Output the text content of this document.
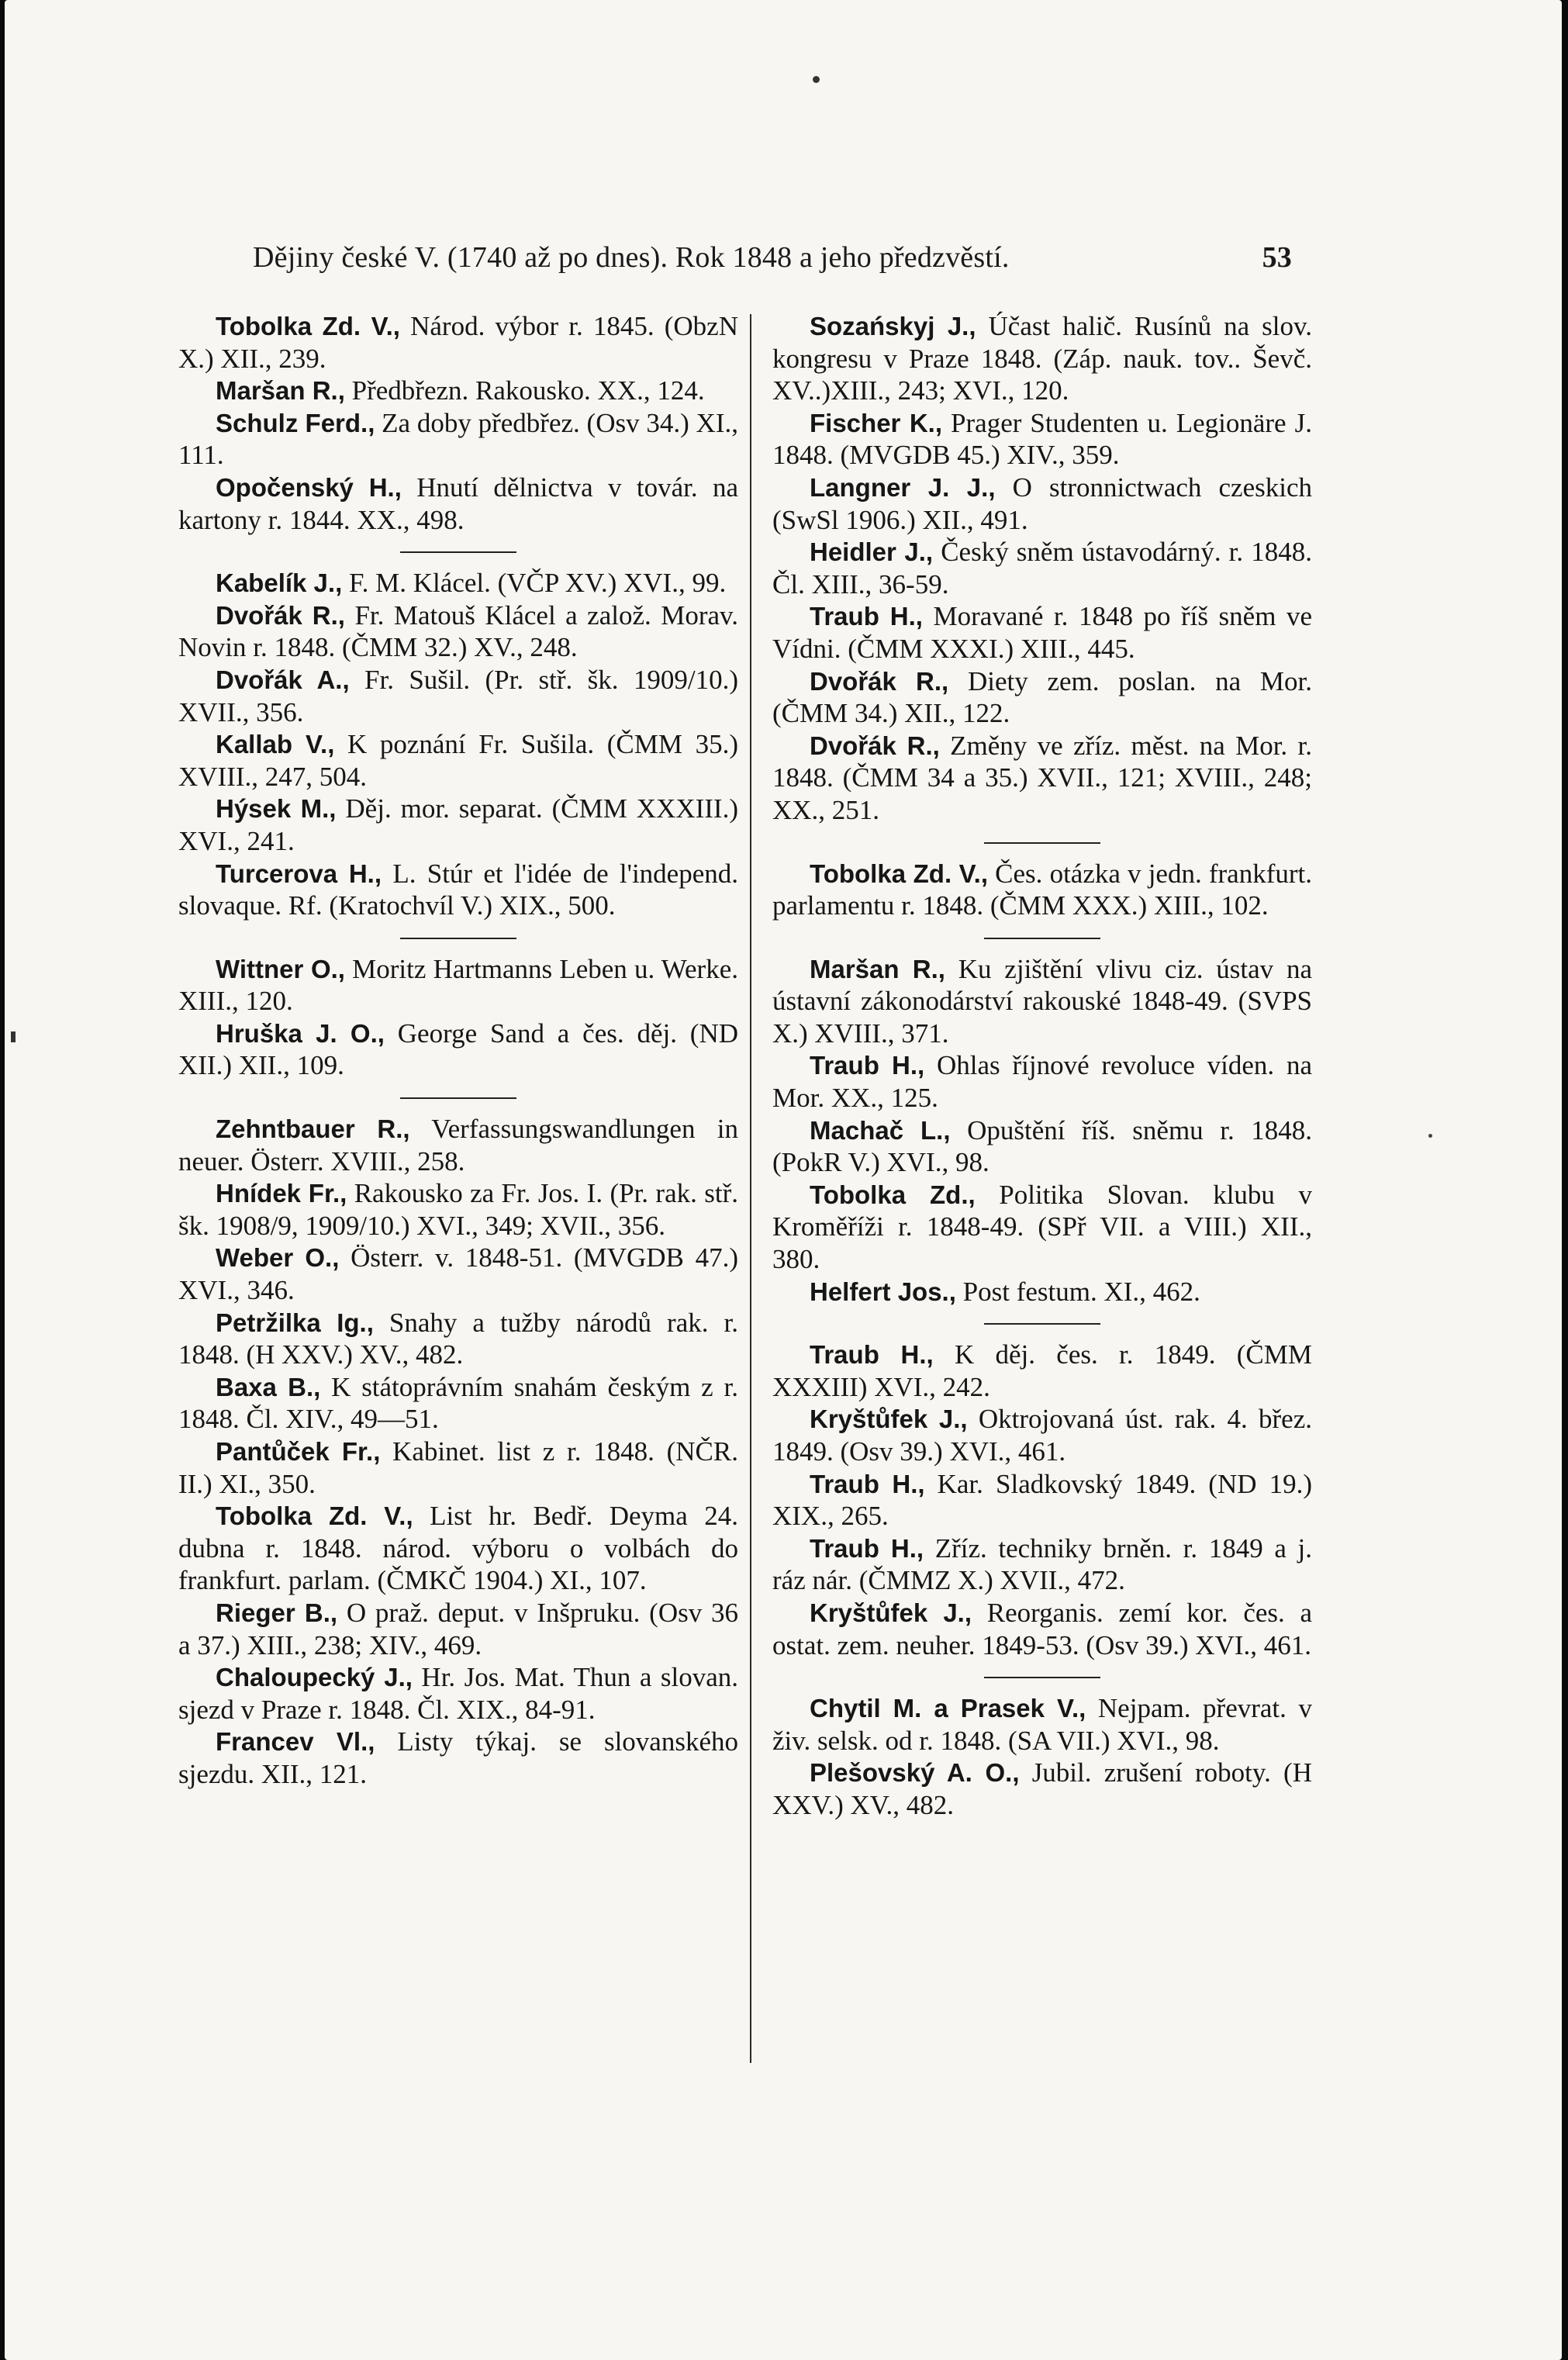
Dějiny české V. (1740 až po dnes). Rok 1848 a jeho předzvěstí.	53

Tobolka Zd. V., Národ. výbor r. 1845. (ObzN X.) XII., 239.

Maršan R., Předbřezn. Rakousko. XX., 124.

Schulz Ferd., Za doby předbřez. (Osv 34.) XI., 111.

Opočenský H., Hnutí dělnictva v továr. na kartony r. 1844. XX., 498.

Kabelík J., F. M. Klácel. (VČP XV.) XVI., 99.

Dvořák R., Fr. Matouš Klácel a založ. Morav. Novin r. 1848. (ČMM 32.) XV., 248.

Dvořák A., Fr. Sušil. (Pr. stř. šk. 1909/10.) XVII., 356.

Kallab V., K poznání Fr. Sušila. (ČMM 35.) XVIII., 247, 504.

Hýsek M., Děj. mor. separat. (ČMM XXXIII.) XVI., 241.

Turcerova H., L. Stúr et l'idée de l'independ. slovaque. Rf. (Kratochvíl V.) XIX., 500.

Wittner O., Moritz Hartmanns Leben u. Werke. XIII., 120.

Hruška J. O., George Sand a čes. děj. (ND XII.) XII., 109.

Zehntbauer R., Verfassungswandlungen in neuer. Österr. XVIII., 258.

Hnídek Fr., Rakousko za Fr. Jos. I. (Pr. rak. stř. šk. 1908/9, 1909/10.) XVI., 349; XVII., 356.

Weber O., Österr. v. 1848-51. (MVGDB 47.) XVI., 346.

Petržilka Ig., Snahy a tužby národů rak. r. 1848. (H XXV.) XV., 482.

Baxa B., K státoprávním snahám českým z r. 1848. Čl. XIV., 49—51.

Pantůček Fr., Kabinet. list z r. 1848. (NČR. II.) XI., 350.

Tobolka Zd. V., List hr. Bedř. Deyma 24. dubna r. 1848. národ. výboru o volbách do frankfurt. parlam. (ČMKČ 1904.) XI., 107.

Rieger B., O praž. deput. v Inšpruku. (Osv 36 a 37.) XIII., 238; XIV., 469.

Chaloupecký J., Hr. Jos. Mat. Thun a slovan. sjezd v Praze r. 1848. Čl. XIX., 84-91.

Francev Vl., Listy týkaj. se slovanského sjezdu. XII., 121.

Sozańskyj J., Účast halič. Rusínů na slov. kongresu v Praze 1848. (Záp. nauk. tov.. Ševč. XV..)XIII., 243; XVI., 120.

Fischer K., Prager Studenten u. Legionäre J. 1848. (MVGDB 45.) XIV., 359.

Langner J. J., O stronnictwach czeskich (SwSl 1906.) XII., 491.

Heidler J., Český sněm ústavodárný. r. 1848. Čl. XIII., 36-59.

Traub H., Moravané r. 1848 po říš sněm ve Vídni. (ČMM XXXI.) XIII., 445.

Dvořák R., Diety zem. poslan. na Mor. (ČMM 34.) XII., 122.

Dvořák R., Změny ve zříz. měst. na Mor. r. 1848. (ČMM 34 a 35.) XVII., 121; XVIII., 248; XX., 251.

Tobolka Zd. V., Čes. otázka v jedn. frankfurt. parlamentu r. 1848. (ČMM XXX.) XIII., 102.

Maršan R., Ku zjištění vlivu ciz. ústav na ústavní zákonodárství rakouské 1848-49. (SVPS X.) XVIII., 371.

Traub H., Ohlas říjnové revoluce víden. na Mor. XX., 125.

Machač L., Opuštění říš. sněmu r. 1848. (PokR V.) XVI., 98.

Tobolka Zd., Politika Slovan. klubu v Kroměříži r. 1848-49. (SPř VII. a VIII.) XII., 380.

Helfert Jos., Post festum. XI., 462.

Traub H., K děj. čes. r. 1849. (ČMM XXXIII) XVI., 242.

Kryštůfek J., Oktrojovaná úst. rak. 4. břez. 1849. (Osv 39.) XVI., 461.

Traub H., Kar. Sladkovský 1849. (ND 19.) XIX., 265.

Traub H., Zříz. techniky brněn. r. 1849 a j. ráz nár. (ČMMZ X.) XVII., 472.

Kryštůfek J., Reorganis. zemí kor. čes. a ostat. zem. neuher. 1849-53. (Osv 39.) XVI., 461.

Chytil M. a Prasek V., Nejpam. převrat. v živ. selsk. od r. 1848. (SA VII.) XVI., 98.

Plešovský A. O., Jubil. zrušení roboty. (H XXV.) XV., 482.
